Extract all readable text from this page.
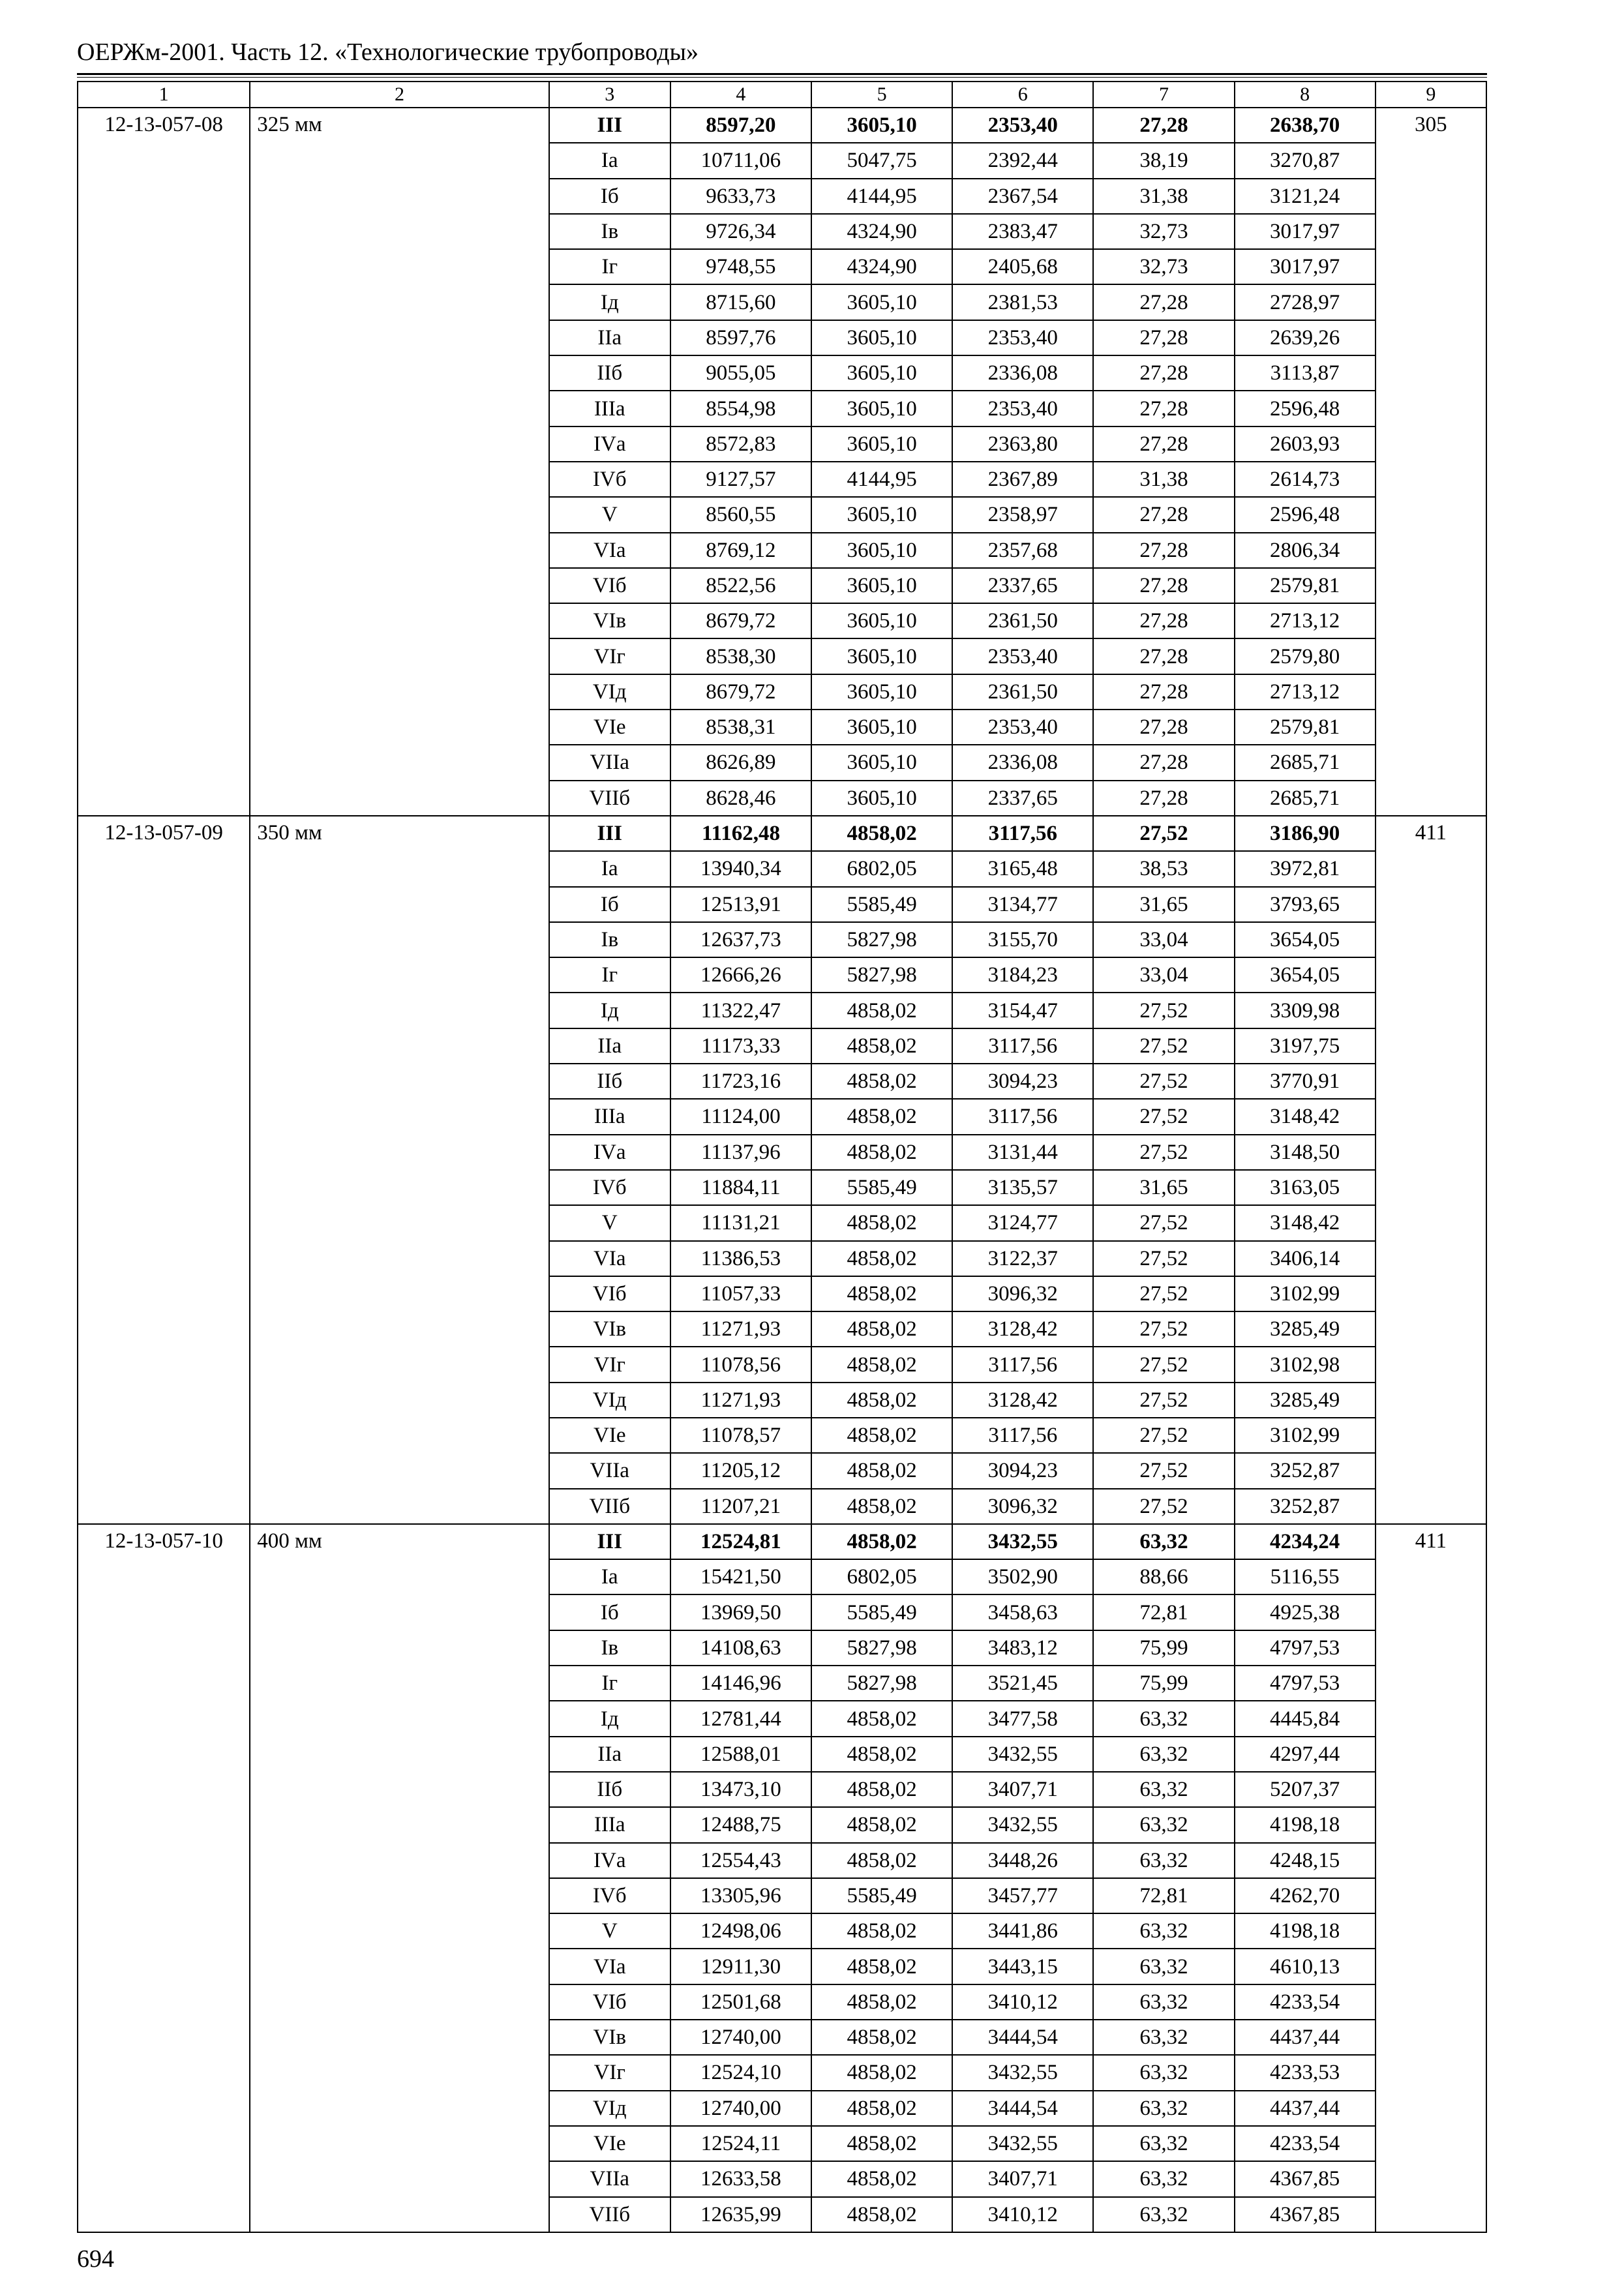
ОЕРЖм-2001. Часть 12. «Технологические трубопроводы»
1	2	3	4	5	6	7	8	9
12-13-057-08	325 мм	III	8597,20	3605,10	2353,40	27,28	2638,70	305
		Iа	10711,06	5047,75	2392,44	38,19	3270,87	
		Iб	9633,73	4144,95	2367,54	31,38	3121,24	
		Iв	9726,34	4324,90	2383,47	32,73	3017,97	
		Iг	9748,55	4324,90	2405,68	32,73	3017,97	
		Iд	8715,60	3605,10	2381,53	27,28	2728,97	
		IIа	8597,76	3605,10	2353,40	27,28	2639,26	
		IIб	9055,05	3605,10	2336,08	27,28	3113,87	
		IIIа	8554,98	3605,10	2353,40	27,28	2596,48	
		IVа	8572,83	3605,10	2363,80	27,28	2603,93	
		IVб	9127,57	4144,95	2367,89	31,38	2614,73	
		V	8560,55	3605,10	2358,97	27,28	2596,48	
		VIа	8769,12	3605,10	2357,68	27,28	2806,34	
		VIб	8522,56	3605,10	2337,65	27,28	2579,81	
		VIв	8679,72	3605,10	2361,50	27,28	2713,12	
		VIг	8538,30	3605,10	2353,40	27,28	2579,80	
		VIд	8679,72	3605,10	2361,50	27,28	2713,12	
		VIе	8538,31	3605,10	2353,40	27,28	2579,81	
		VIIа	8626,89	3605,10	2336,08	27,28	2685,71	
		VIIб	8628,46	3605,10	2337,65	27,28	2685,71	
12-13-057-09	350 мм	III	11162,48	4858,02	3117,56	27,52	3186,90	411
		Iа	13940,34	6802,05	3165,48	38,53	3972,81	
		Iб	12513,91	5585,49	3134,77	31,65	3793,65	
		Iв	12637,73	5827,98	3155,70	33,04	3654,05	
		Iг	12666,26	5827,98	3184,23	33,04	3654,05	
		Iд	11322,47	4858,02	3154,47	27,52	3309,98	
		IIа	11173,33	4858,02	3117,56	27,52	3197,75	
		IIб	11723,16	4858,02	3094,23	27,52	3770,91	
		IIIа	11124,00	4858,02	3117,56	27,52	3148,42	
		IVа	11137,96	4858,02	3131,44	27,52	3148,50	
		IVб	11884,11	5585,49	3135,57	31,65	3163,05	
		V	11131,21	4858,02	3124,77	27,52	3148,42	
		VIа	11386,53	4858,02	3122,37	27,52	3406,14	
		VIб	11057,33	4858,02	3096,32	27,52	3102,99	
		VIв	11271,93	4858,02	3128,42	27,52	3285,49	
		VIг	11078,56	4858,02	3117,56	27,52	3102,98	
		VIд	11271,93	4858,02	3128,42	27,52	3285,49	
		VIе	11078,57	4858,02	3117,56	27,52	3102,99	
		VIIа	11205,12	4858,02	3094,23	27,52	3252,87	
		VIIб	11207,21	4858,02	3096,32	27,52	3252,87	
12-13-057-10	400 мм	III	12524,81	4858,02	3432,55	63,32	4234,24	411
		Iа	15421,50	6802,05	3502,90	88,66	5116,55	
		Iб	13969,50	5585,49	3458,63	72,81	4925,38	
		Iв	14108,63	5827,98	3483,12	75,99	4797,53	
		Iг	14146,96	5827,98	3521,45	75,99	4797,53	
		Iд	12781,44	4858,02	3477,58	63,32	4445,84	
		IIа	12588,01	4858,02	3432,55	63,32	4297,44	
		IIб	13473,10	4858,02	3407,71	63,32	5207,37	
		IIIа	12488,75	4858,02	3432,55	63,32	4198,18	
		IVа	12554,43	4858,02	3448,26	63,32	4248,15	
		IVб	13305,96	5585,49	3457,77	72,81	4262,70	
		V	12498,06	4858,02	3441,86	63,32	4198,18	
		VIа	12911,30	4858,02	3443,15	63,32	4610,13	
		VIб	12501,68	4858,02	3410,12	63,32	4233,54	
		VIв	12740,00	4858,02	3444,54	63,32	4437,44	
		VIг	12524,10	4858,02	3432,55	63,32	4233,53	
		VIд	12740,00	4858,02	3444,54	63,32	4437,44	
		VIе	12524,11	4858,02	3432,55	63,32	4233,54	
		VIIа	12633,58	4858,02	3407,71	63,32	4367,85	
		VIIб	12635,99	4858,02	3410,12	63,32	4367,85	
694
